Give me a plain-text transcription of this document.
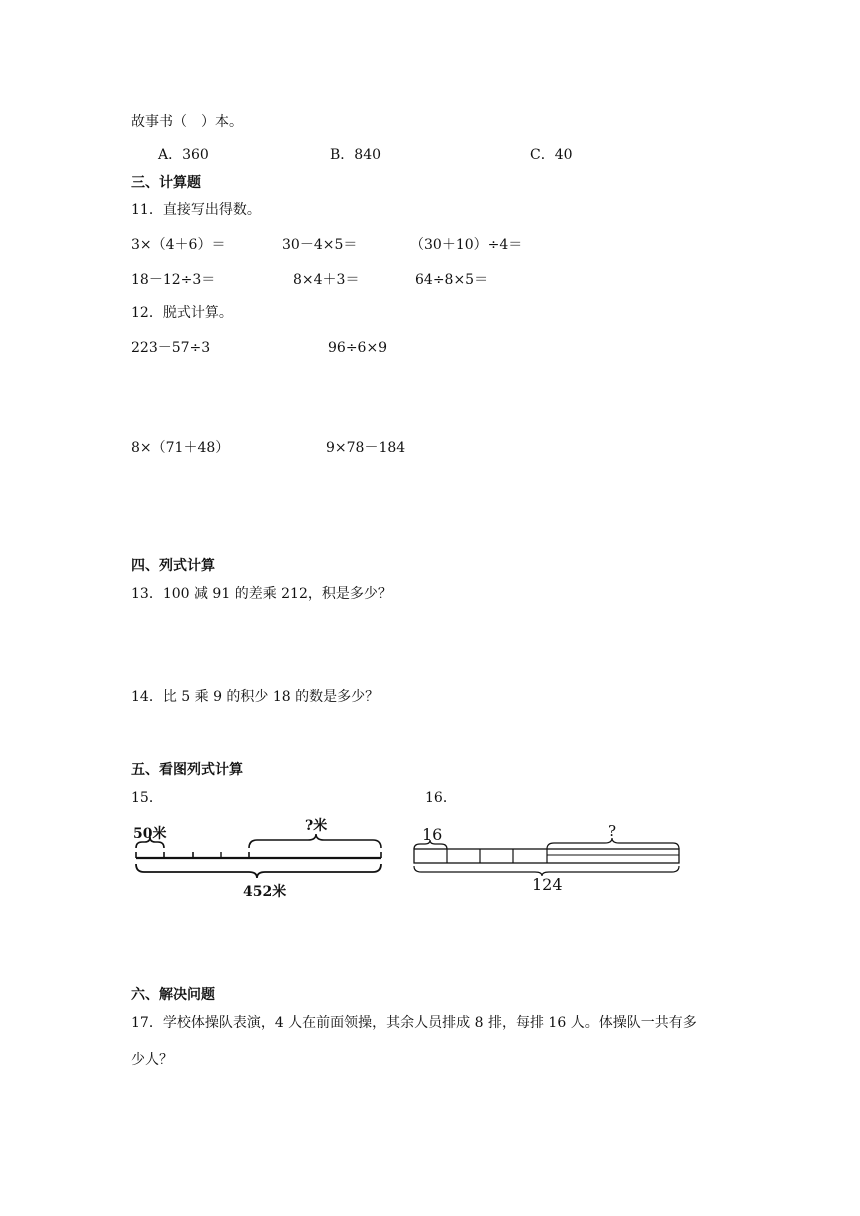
故事书（　）本。
A．360	B．840	C．40
三、计算题
11．直接写出得数。
3×（4＋6）＝	30－4×5＝	（30＋10）÷4＝
18－12÷3＝	8×4＋3＝	64÷8×5＝
12．脱式计算。
223－57÷3	96÷6×9
8×（71＋48）	9×78－184
四、列式计算
13．100 减 91 的差乘 212，积是多少？
14．比 5 乘 9 的积少 18 的数是多少？
五、看图列式计算
15．	16．
50米	?米
452米
16	?
124
六、解决问题
17．学校体操队表演，4 人在前面领操，其余人员排成 8 排，每排 16 人。体操队一共有多
少人？
